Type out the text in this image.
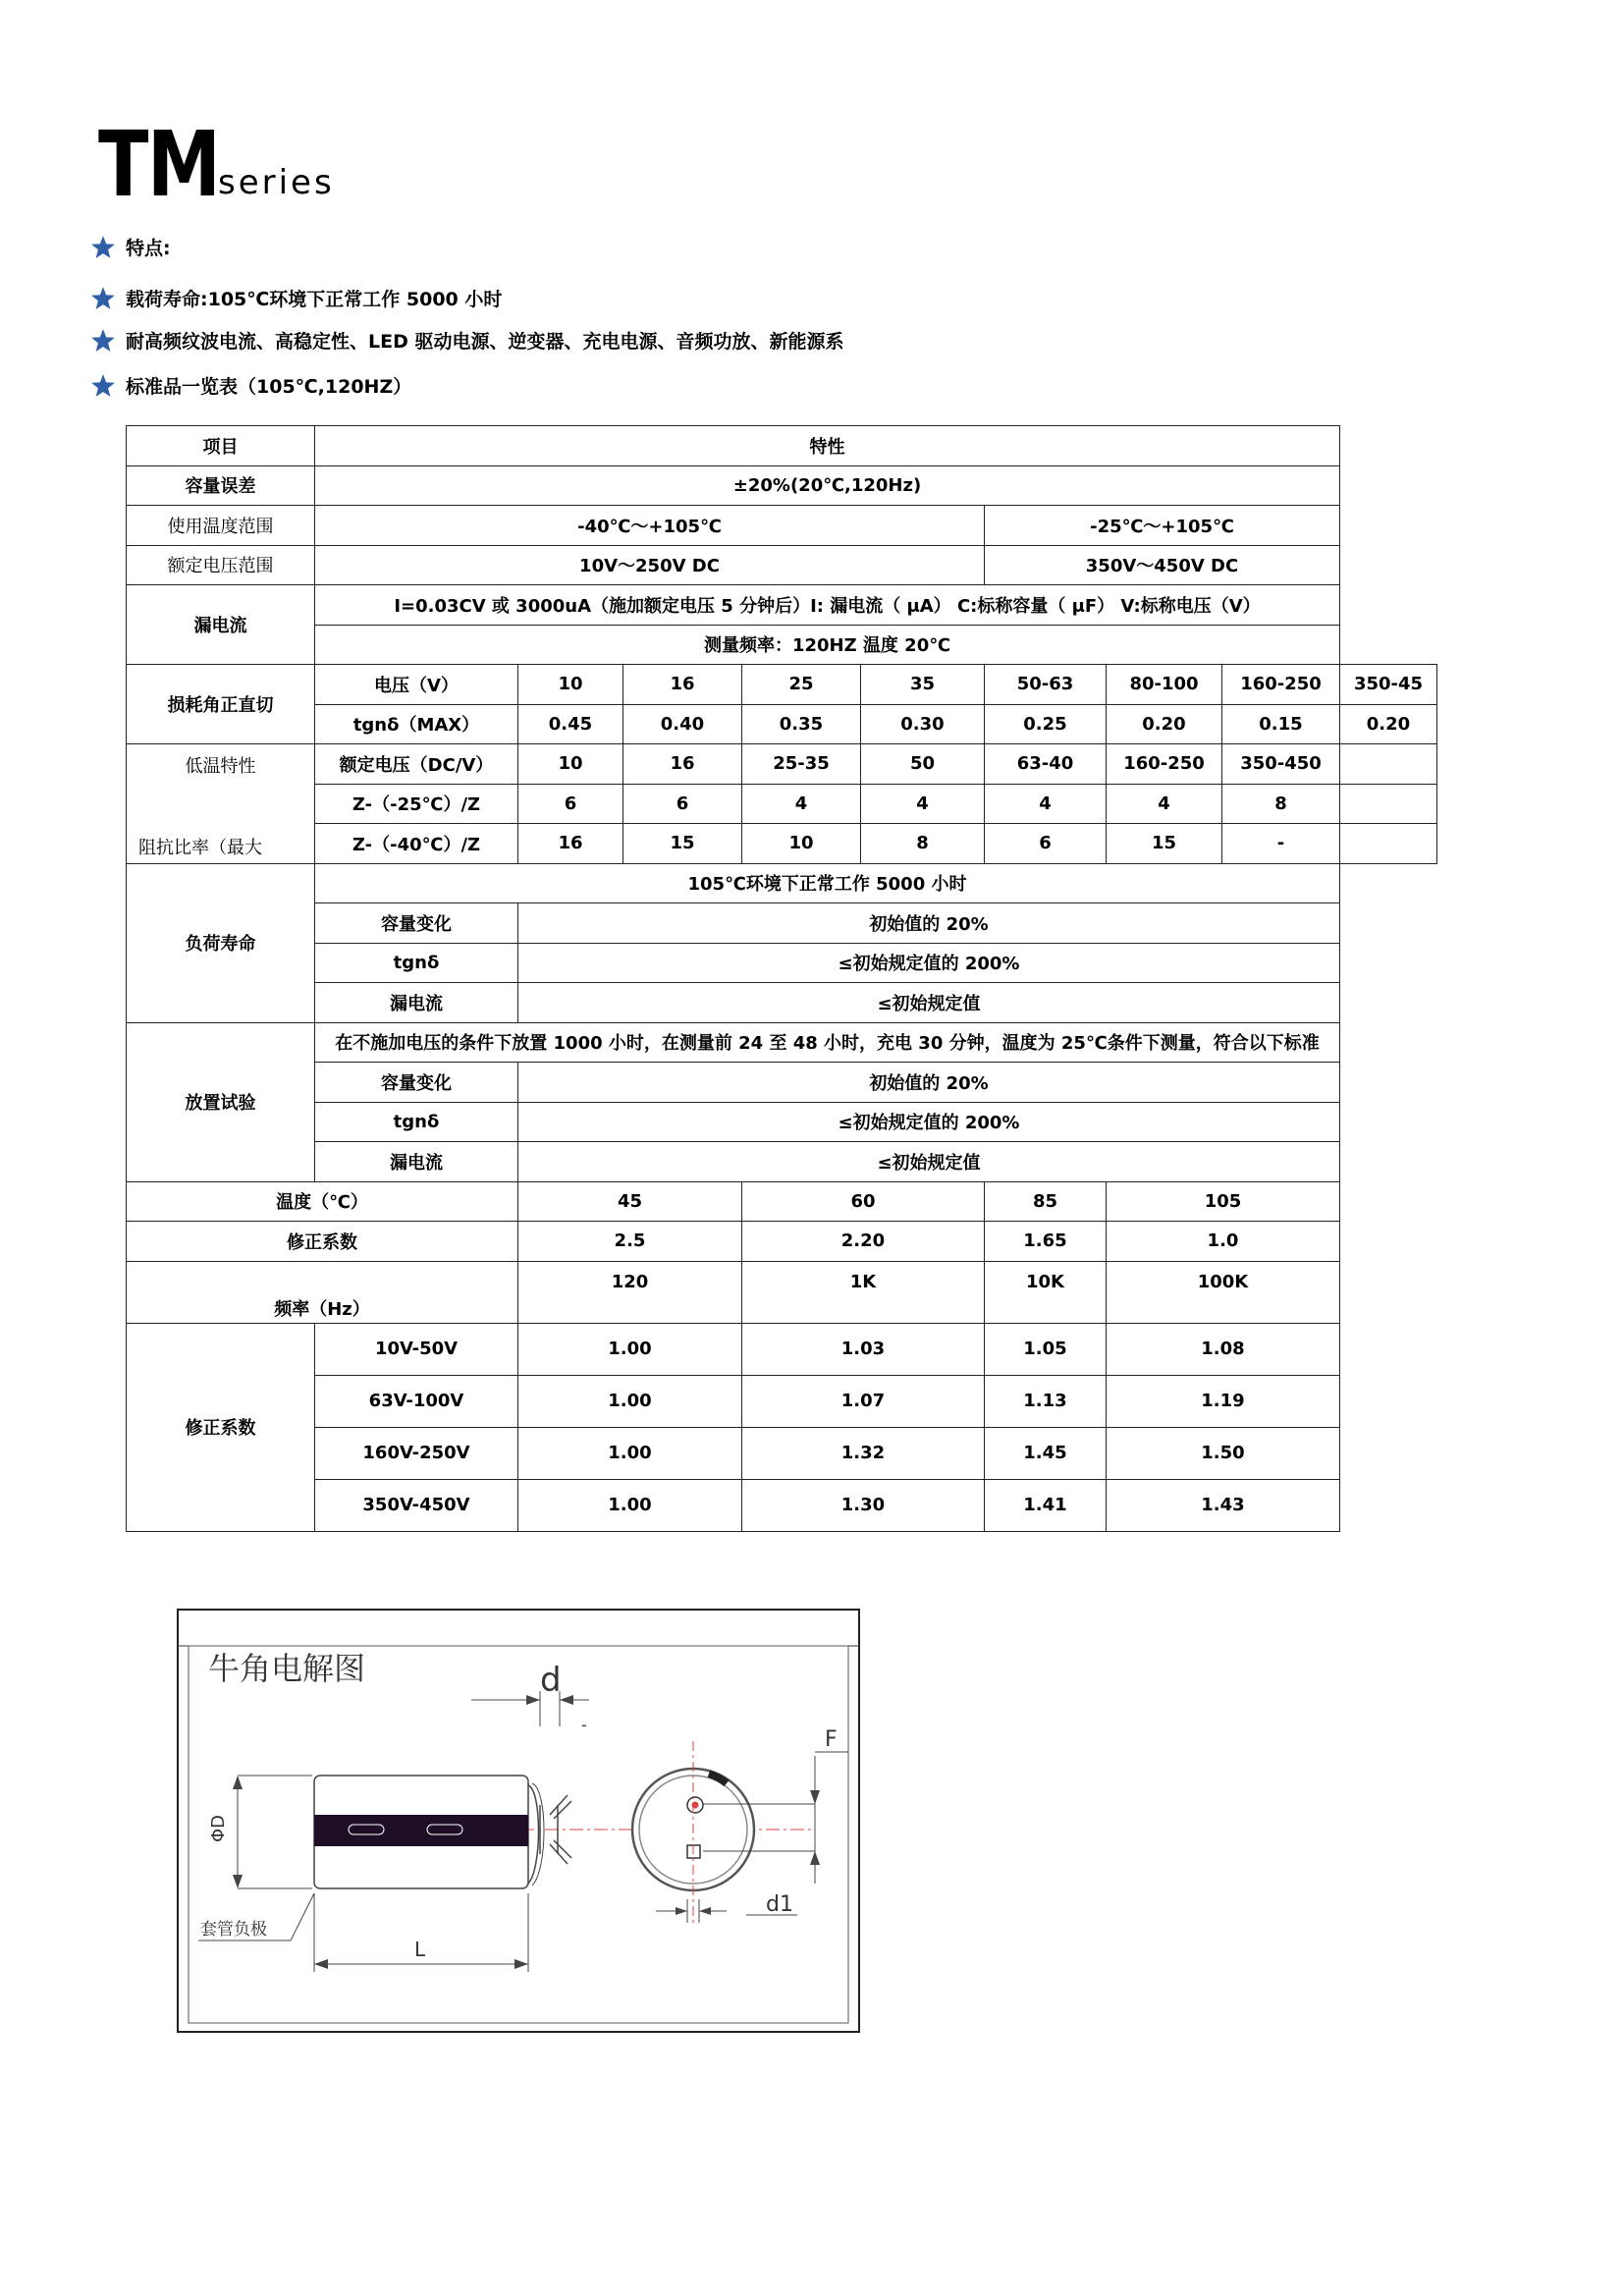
TM
series
特点:
载荷寿命:105℃环境下正常工作 5000 小时
耐高频纹波电流、高稳定性、LED 驱动电源、逆变器、充电电源、音频功放、新能源系
标准品一览表（105℃,120HZ）
项目	特性								
容量误差	±20%(20℃,120Hz)								
使用温度范围	-40℃～+105℃					-25℃～+105℃			
额定电压范围	10V～250V DC					350V～450V DC			
漏电流	I=0.03CV 或 3000uA（施加额定电压 5 分钟后）I: 漏电流（ μA） C:标称容量（ μF） V:标称电压（V）								
	测量频率：120HZ 温度 20℃								
损耗角正直切	电压（V）	10	16	25	35	50-63	80-100	160-250	350-45
	tgnδ（MAX）	0.45	0.40	0.35	0.30	0.25	0.20	0.15	0.20

低温特性
阻抗比率（最大	额定电压（DC/V）	10	16	25-35	50	63-40	160-250	350-450	
	Z-（-25℃）/Z	6	6	4	4	4	4	8	
	Z-（-40℃）/Z	16	15	10	8	6	15	-	
负荷寿命	105℃环境下正常工作 5000 小时								
	容量变化	初始值的 20%							
	tgnδ	≤初始规定值的 200%							
	漏电流	≤初始规定值							
放置试验	在不施加电压的条件下放置 1000 小时，在测量前 24 至 48 小时，充电 30 分钟，温度为 25℃条件下测量，符合以下标准								
	容量变化	初始值的 20%							
	tgnδ	≤初始规定值的 200%							
	漏电流	≤初始规定值							
温度（℃）		45		60		85	105		
修正系数		2.5		2.20		1.65	1.0		
频率（Hz）		120		1K		10K	100K		
修正系数	10V-50V	1.00		1.03		1.05	1.08		
	63V-100V	1.00		1.07		1.13	1.19		
	160V-250V	1.00		1.32		1.45	1.50		
	350V-450V	1.00		1.30		1.41	1.43		
牛角电解图	d
-
ΦD
L
套管负极
d1
F
